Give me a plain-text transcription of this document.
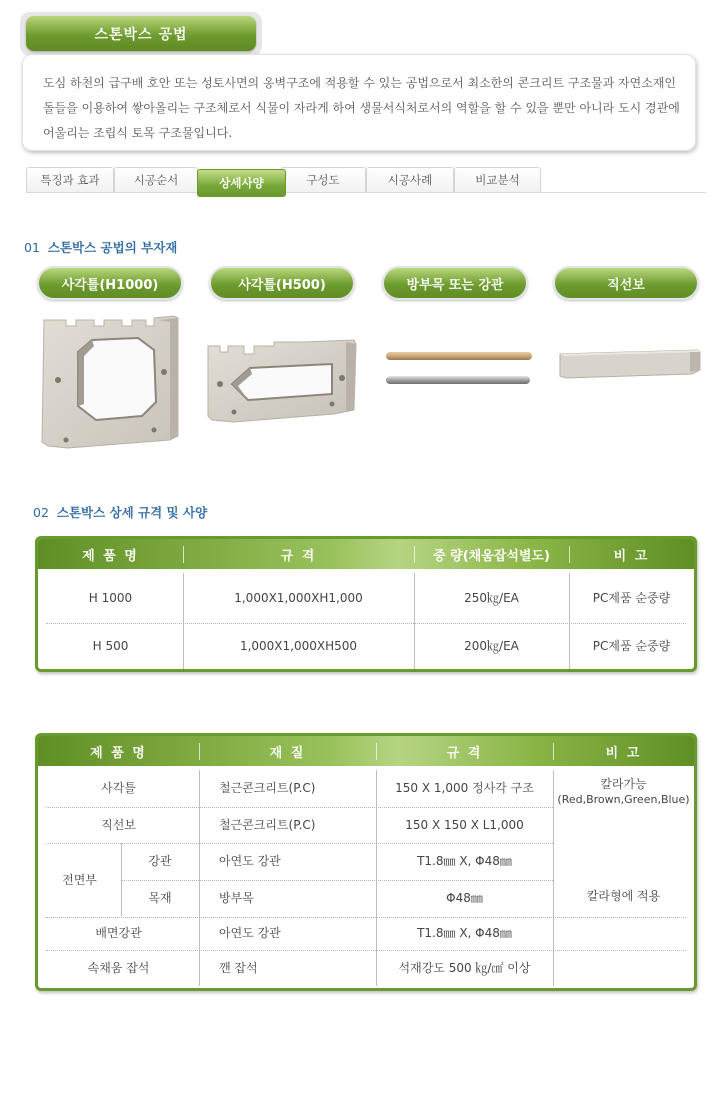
스톤박스 공법

도심 하천의 급구배 호안 또는 성토사면의 옹벽구조에 적용할 수 있는 공법으로서 최소한의 콘크리트 구조물과 자연소재인 돌들을 이용하여 쌓아올리는 구조체로서 식물이 자라게 하여 생물서식처로서의 역할을 할 수 있을 뿐만 아니라 도시 경관에 어울리는 조립식 토목 구조물입니다.

특징과 효과	시공순서	구성도	시공사례	비교분석
상세사양
01 스톤박스 공법의 부자재
사각틀(H1000)	사각틀(H500)	방부목 또는 강관	직선보
02 스톤박스 상세 규격 및 사양
제 품 명	규 격	중 량(채움잡석별도)	비 고
H 1000	1,000X1,000XH1,000	250㎏/EA	PC제품 순중량
H 500	1,000X1,000XH500	200㎏/EA	PC제품 순중량
제 품 명	재 질	규 격	비 고
사각틀	철근콘크리트(P.C)	150 X 1,000 정사각 구조	칼라가능
(Red,Brown,Green,Blue)
직선보	철근콘크리트(P.C)	150 X 150 X L1,000
전면부
강관	아연도 강관	T1.8㎜ X, Φ48㎜
목재	방부목	Φ48㎜	칼라형에 적용
배면강관	아연도 강관	T1.8㎜ X, Φ48㎜
속채움 잡석	깬 잡석	석재강도 500 ㎏/㎠ 이상
